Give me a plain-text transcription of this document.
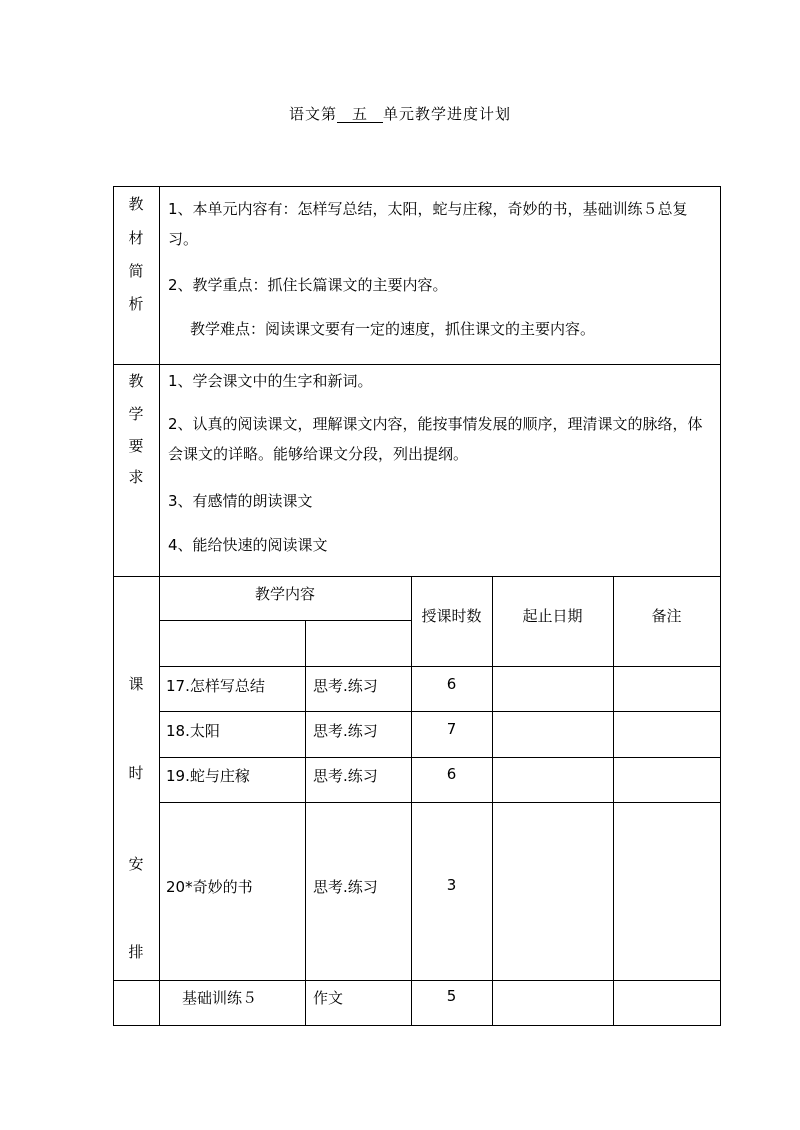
语文第 五 单元教学进度计划
教
材
简
析
1、本单元内容有：怎样写总结，太阳，蛇与庄稼，奇妙的书，基础训练５总复习。
2、教学重点：抓住长篇课文的主要内容。
教学难点：阅读课文要有一定的速度，抓住课文的主要内容。
教
学
要
求
1、学会课文中的生字和新词。
2、认真的阅读课文，理解课文内容，能按事情发展的顺序，理清课文的脉络，体会课文的详略。能够给课文分段，列出提纲。
3、有感情的朗读课文
4、能给快速的阅读课文
课
时
安
排
教学内容
授课时数	起止日期	备注
17.怎样写总结	思考.练习	6
18.太阳	思考.练习	7
19.蛇与庄稼	思考.练习	6
20*奇妙的书	思考.练习	3
基础训练５	作文	5
